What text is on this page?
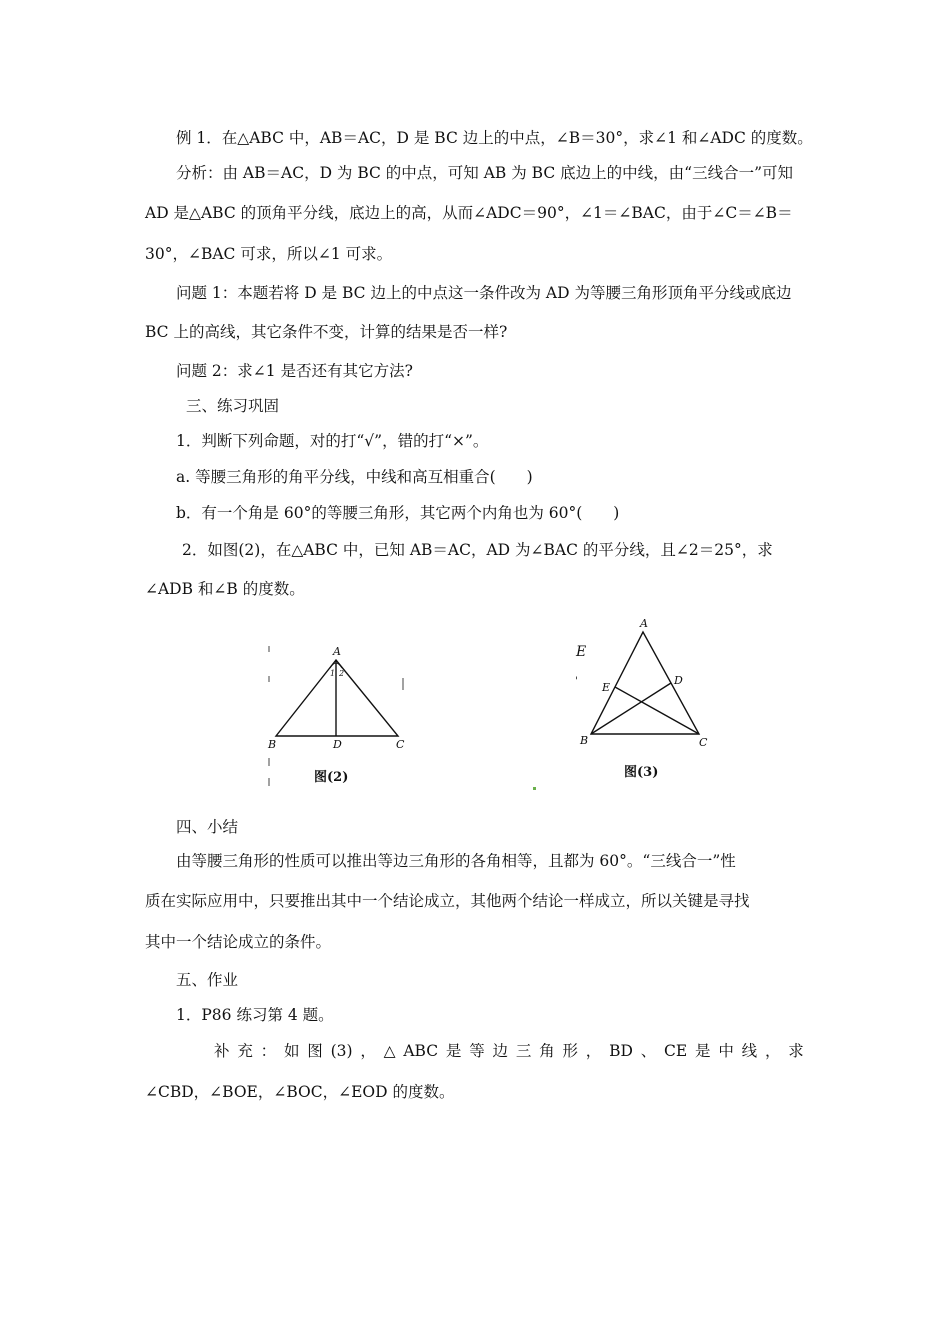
例 1．在△ABC 中，AB＝AC，D 是 BC 边上的中点，∠B＝30°，求∠1 和∠ADC 的度数。
分析：由 AB＝AC，D 为 BC 的中点，可知 AB 为 BC 底边上的中线，由“三线合一”可知
AD 是△ABC 的顶角平分线，底边上的高，从而∠ADC＝90°，∠1＝∠BAC，由于∠C＝∠B＝
30°，∠BAC 可求，所以∠1 可求。
问题 1：本题若将 D 是 BC 边上的中点这一条件改为 AD 为等腰三角形顶角平分线或底边
BC 上的高线，其它条件不变，计算的结果是否一样?
问题 2：求∠1 是否还有其它方法?
三、练习巩固
1．判断下列命题，对的打“√”，错的打“×”。
a. 等腰三角形的角平分线，中线和高互相重合(　　)
b．有一个角是 60°的等腰三角形，其它两个内角也为 60°(　　)
2．如图(2)，在△ABC 中，已知 AB＝AC，AD 为∠BAC 的平分线，且∠2＝25°，求
∠ADB 和∠B 的度数。
A
1 2
B	D	C
图(2)
E
'
A
E
D
B	C
图(3)
四、小结
由等腰三角形的性质可以推出等边三角形的各角相等，且都为 60°。“三线合一”性
质在实际应用中，只要推出其中一个结论成立，其他两个结论一样成立，所以关键是寻找
其中一个结论成立的条件。
五、作业
1．P86 练习第 4 题。
补 充 ： 如 图 (3) ， △ ABC 是 等 边 三 角 形 ， BD 、 CE 是 中 线 ， 求
∠CBD，∠BOE，∠BOC，∠EOD 的度数。
